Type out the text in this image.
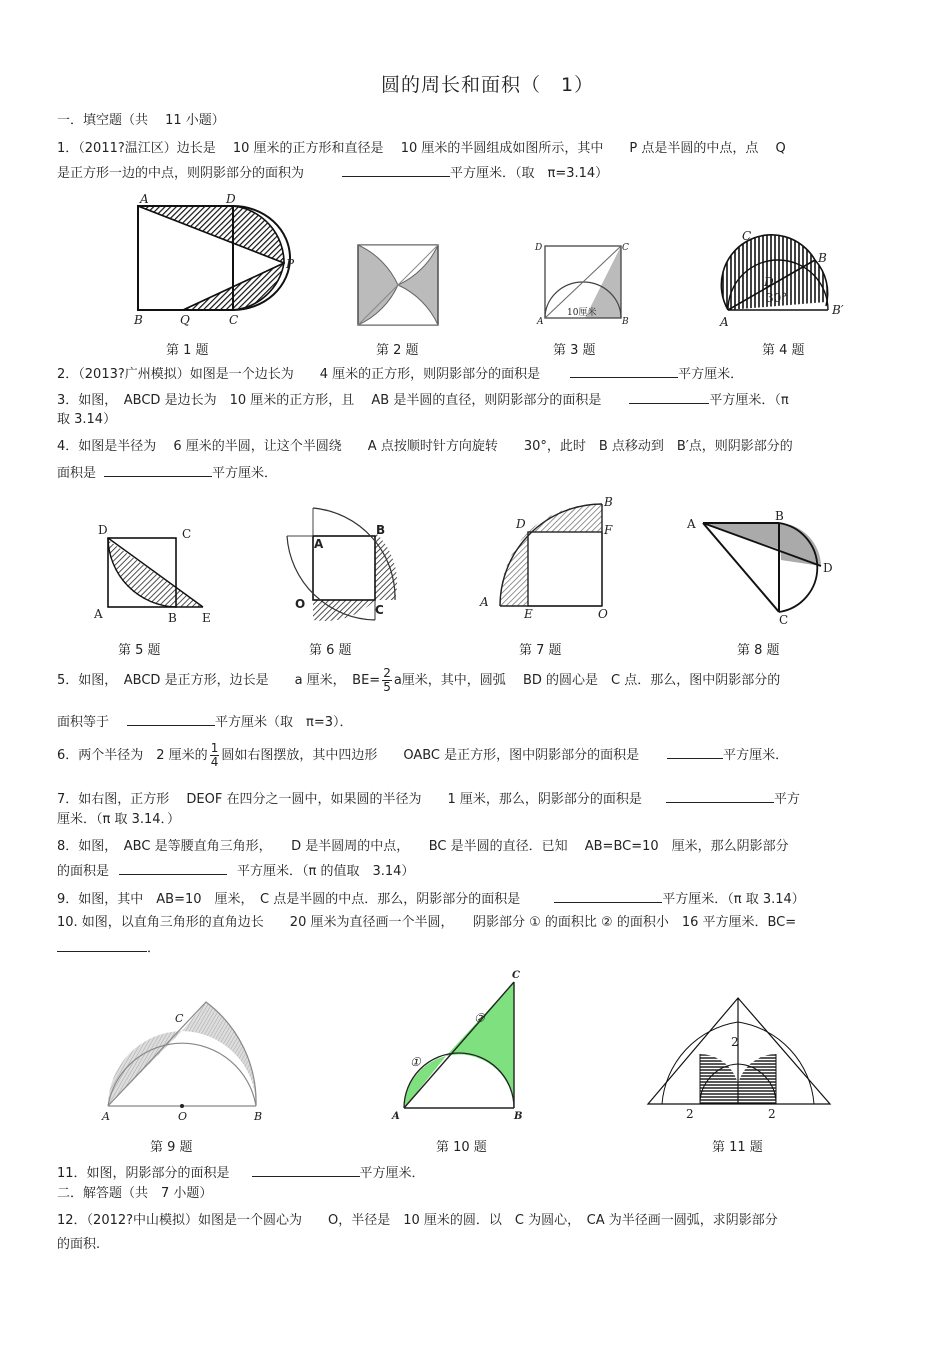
圆的周长和面积（　1）
一．填空题（共　 11 小题）
1．（2011?温江区）边长是　 10 厘米的正方形和直径是　 10 厘米的半圆组成如图所示，其中　　P 点是半圆的中点，点　 Q
是正方形一边的中点，则阴影部分的面积为	平方厘米．（取　π=3.14）
A	D
B	Q	C
P
D	C
A	B
10厘米
C
B
D
30°
A
B′
第 1 题	第 2 题	第 3 题	第 4 题
2．（2013?广州模拟）如图是一个边长为　　4 厘米的正方形，则阴影部分的面积是	平方厘米．
3．如图，　ABCD 是边长为　10 厘米的正方形，且　 AB 是半圆的直径，则阴影部分的面积是	平方厘米．（π
取 3.14）
4．如图是半径为　 6 厘米的半圆，让这个半圆绕　　A 点按顺时针方向旋转　　30°，此时　B 点移动到　B′点，则阴影部分的
面积是	平方厘米．
D	C
A	B E
A
B
O	C
B
D	F
A
E	O
A
B
D
C
第 5 题	第 6 题	第 7 题	第 8 题
5．如图，　ABCD 是正方形，边长是　　a 厘米，　$BE= \frac{2}{5}$ a厘米，其中，圆弧　 BD 的圆心是　C 点．那么，图中阴影部分的
面积等于	平方厘米（取　π=3）．
6．两个半径为　2 厘米的 $\frac{1}{4}$ 圆如右图摆放，其中四边形　　OABC 是正方形，图中阴影部分的面积是	平方厘米．
7．如右图，正方形　 DEOF 在四分之一圆中，如果圆的半径为　　1 厘米，那么，阴影部分的面积是	平方
厘米．（π 取 3.14．）
8．如图，　ABC 是等腰直角三角形，　　D 是半圆周的中点，　　BC 是半圆的直径．已知　 AB=BC=10　厘米，那么阴影部分
的面积是	平方厘米．（π 的值取　3.14）
9．如图，其中　AB=10　厘米，　C 点是半圆的中点．那么，阴影部分的面积是	平方厘米．（π 取 3.14）
10. 如图，以直角三角形的直角边长　　20 厘米为直径画一个半圆，　　阴影部分 ① 的面积比 ② 的面积小　16 平方厘米．BC=
．
C
A	O	B
C
②
①
A	B
2
2	2
第 9 题	第 10 题	第 11 题
11．如图，阴影部分的面积是	平方厘米．
二．解答题（共　7 小题）
12．（2012?中山模拟）如图是一个圆心为　　O，半径是　10 厘米的圆．以　C 为圆心，　CA 为半径画一圆弧，求阴影部分
的面积.
